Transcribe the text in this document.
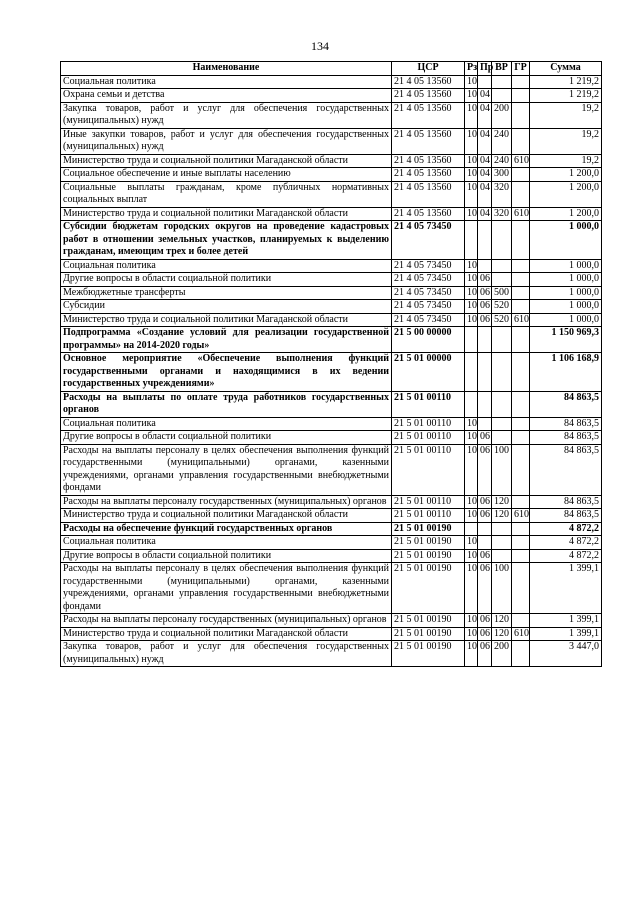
134
Наименование	ЦСР	Рз	Пр	ВР	ГР	Сумма
Социальная политика	21 4 05 13560	10				1 219,2
Охрана семьи и детства	21 4 05 13560	10	04			1 219,2
Закупка товаров, работ и услуг для обеспечения государственных (муниципальных) нужд	21 4 05 13560	10	04	200		19,2
Иные закупки товаров, работ и услуг для обеспечения государственных (муниципальных) нужд	21 4 05 13560	10	04	240		19,2
Министерство труда и социальной политики Магаданской области	21 4 05 13560	10	04	240	610	19,2
Социальное обеспечение и иные выплаты населению	21 4 05 13560	10	04	300		1 200,0
Социальные выплаты гражданам, кроме публичных нормативных социальных выплат	21 4 05 13560	10	04	320		1 200,0
Министерство труда и социальной политики Магаданской области	21 4 05 13560	10	04	320	610	1 200,0
Субсидии бюджетам городских округов на проведение кадастровых работ в отношении земельных участков, планируемых к выделению гражданам, имеющим трех и более детей	21 4 05 73450					1 000,0
Социальная политика	21 4 05 73450	10				1 000,0
Другие вопросы в области социальной политики	21 4 05 73450	10	06			1 000,0
Межбюджетные трансферты	21 4 05 73450	10	06	500		1 000,0
Субсидии	21 4 05 73450	10	06	520		1 000,0
Министерство труда и социальной политики Магаданской области	21 4 05 73450	10	06	520	610	1 000,0
Подпрограмма «Создание условий для реализации государственной программы» на 2014-2020 годы»	21 5 00 00000					1 150 969,3
Основное мероприятие «Обеспечение выполнения функций государственными органами и находящимися в их ведении государственных учреждениями»	21 5 01 00000					1 106 168,9
Расходы на выплаты по оплате труда работников государственных органов	21 5 01 00110					84 863,5
Социальная политика	21 5 01 00110	10				84 863,5
Другие вопросы в области социальной политики	21 5 01 00110	10	06			84 863,5
Расходы на выплаты персоналу в целях обеспечения выполнения функций государственными (муниципальными) органами, казенными учреждениями, органами управления государственными внебюджетными фондами	21 5 01 00110	10	06	100		84 863,5
Расходы на выплаты персоналу государственных (муниципальных) органов	21 5 01 00110	10	06	120		84 863,5
Министерство труда и социальной политики Магаданской области	21 5 01 00110	10	06	120	610	84 863,5
Расходы на обеспечение функций государственных органов	21 5 01 00190					4 872,2
Социальная политика	21 5 01 00190	10				4 872,2
Другие вопросы в области социальной политики	21 5 01 00190	10	06			4 872,2
Расходы на выплаты персоналу в целях обеспечения выполнения функций государственными (муниципальными) органами, казенными учреждениями, органами управления государственными внебюджетными фондами	21 5 01 00190	10	06	100		1 399,1
Расходы на выплаты персоналу государственных (муниципальных) органов	21 5 01 00190	10	06	120		1 399,1
Министерство труда и социальной политики Магаданской области	21 5 01 00190	10	06	120	610	1 399,1
Закупка товаров, работ и услуг для обеспечения государственных (муниципальных) нужд	21 5 01 00190	10	06	200		3 447,0
